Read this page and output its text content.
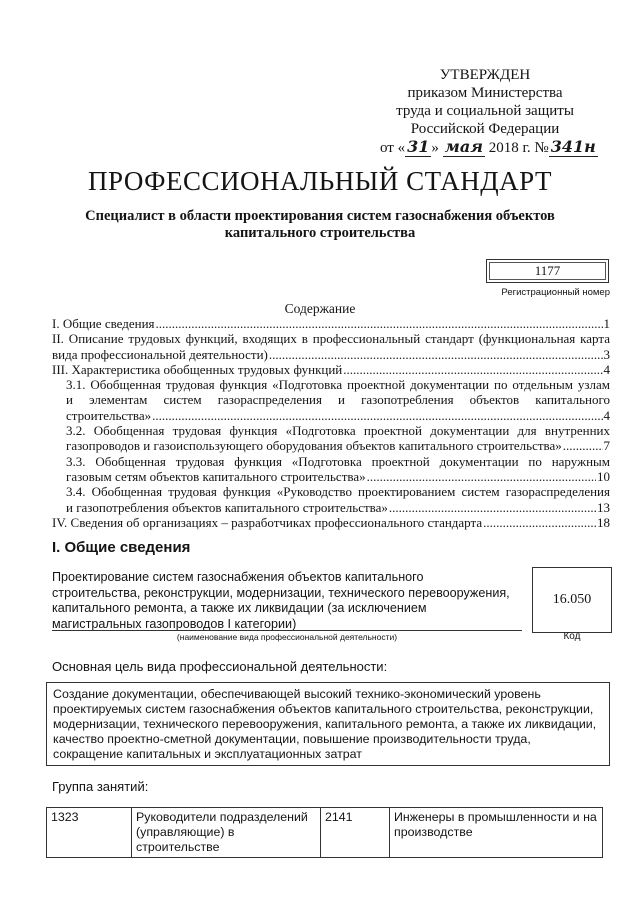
УТВЕРЖДЕН
приказом Министерства
труда и социальной защиты
Российской Федерации
от « 31 » мая 2018 г. № 341н
ПРОФЕССИОНАЛЬНЫЙ СТАНДАРТ
Специалист в области проектирования систем газоснабжения объектов капитального строительства
1177
Регистрационный номер
Содержание
I. Общие сведения .....	1
II. Описание трудовых функций, входящих в профессиональный стандарт (функциональная карта
вида профессиональной деятельности) .....	3
III. Характеристика обобщенных трудовых функций .....	4
3.1. Обобщенная трудовая функция «Подготовка проектной документации по отдельным узлам
и элементам систем газораспределения и газопотребления объектов капитального
строительства» .....	4
3.2. Обобщенная трудовая функция «Подготовка проектной документации для внутренних
газопроводов и газоиспользующего оборудования объектов капитального строительства» .....	7
3.3. Обобщенная трудовая функция «Подготовка проектной документации по наружным
газовым сетям объектов капитального строительства» .....	10
3.4. Обобщенная трудовая функция «Руководство проектированием систем газораспределения
и газопотребления объектов капитального строительства» .....	13
IV. Сведения об организациях – разработчиках профессионального стандарта .....	18
I. Общие сведения
Проектирование систем газоснабжения объектов капитального строительства, реконструкции, модернизации, технического перевооружения, капитального ремонта, а также их ликвидации (за исключением магистральных газопроводов I категории)
(наименование вида профессиональной деятельности)
16.050
Код
Основная цель вида профессиональной деятельности:
Создание документации, обеспечивающей высокий технико-экономический уровень проектируемых систем газоснабжения объектов капитального строительства, реконструкции, модернизации, технического перевооружения, капитального ремонта, а также их ликвидации, качество проектно-сметной документации, повышение производительности труда, сокращение капитальных и эксплуатационных затрат
Группа занятий:
1323	Руководители подразделений (управляющие) в строительстве	2141	Инженеры в промышленности и на производстве
